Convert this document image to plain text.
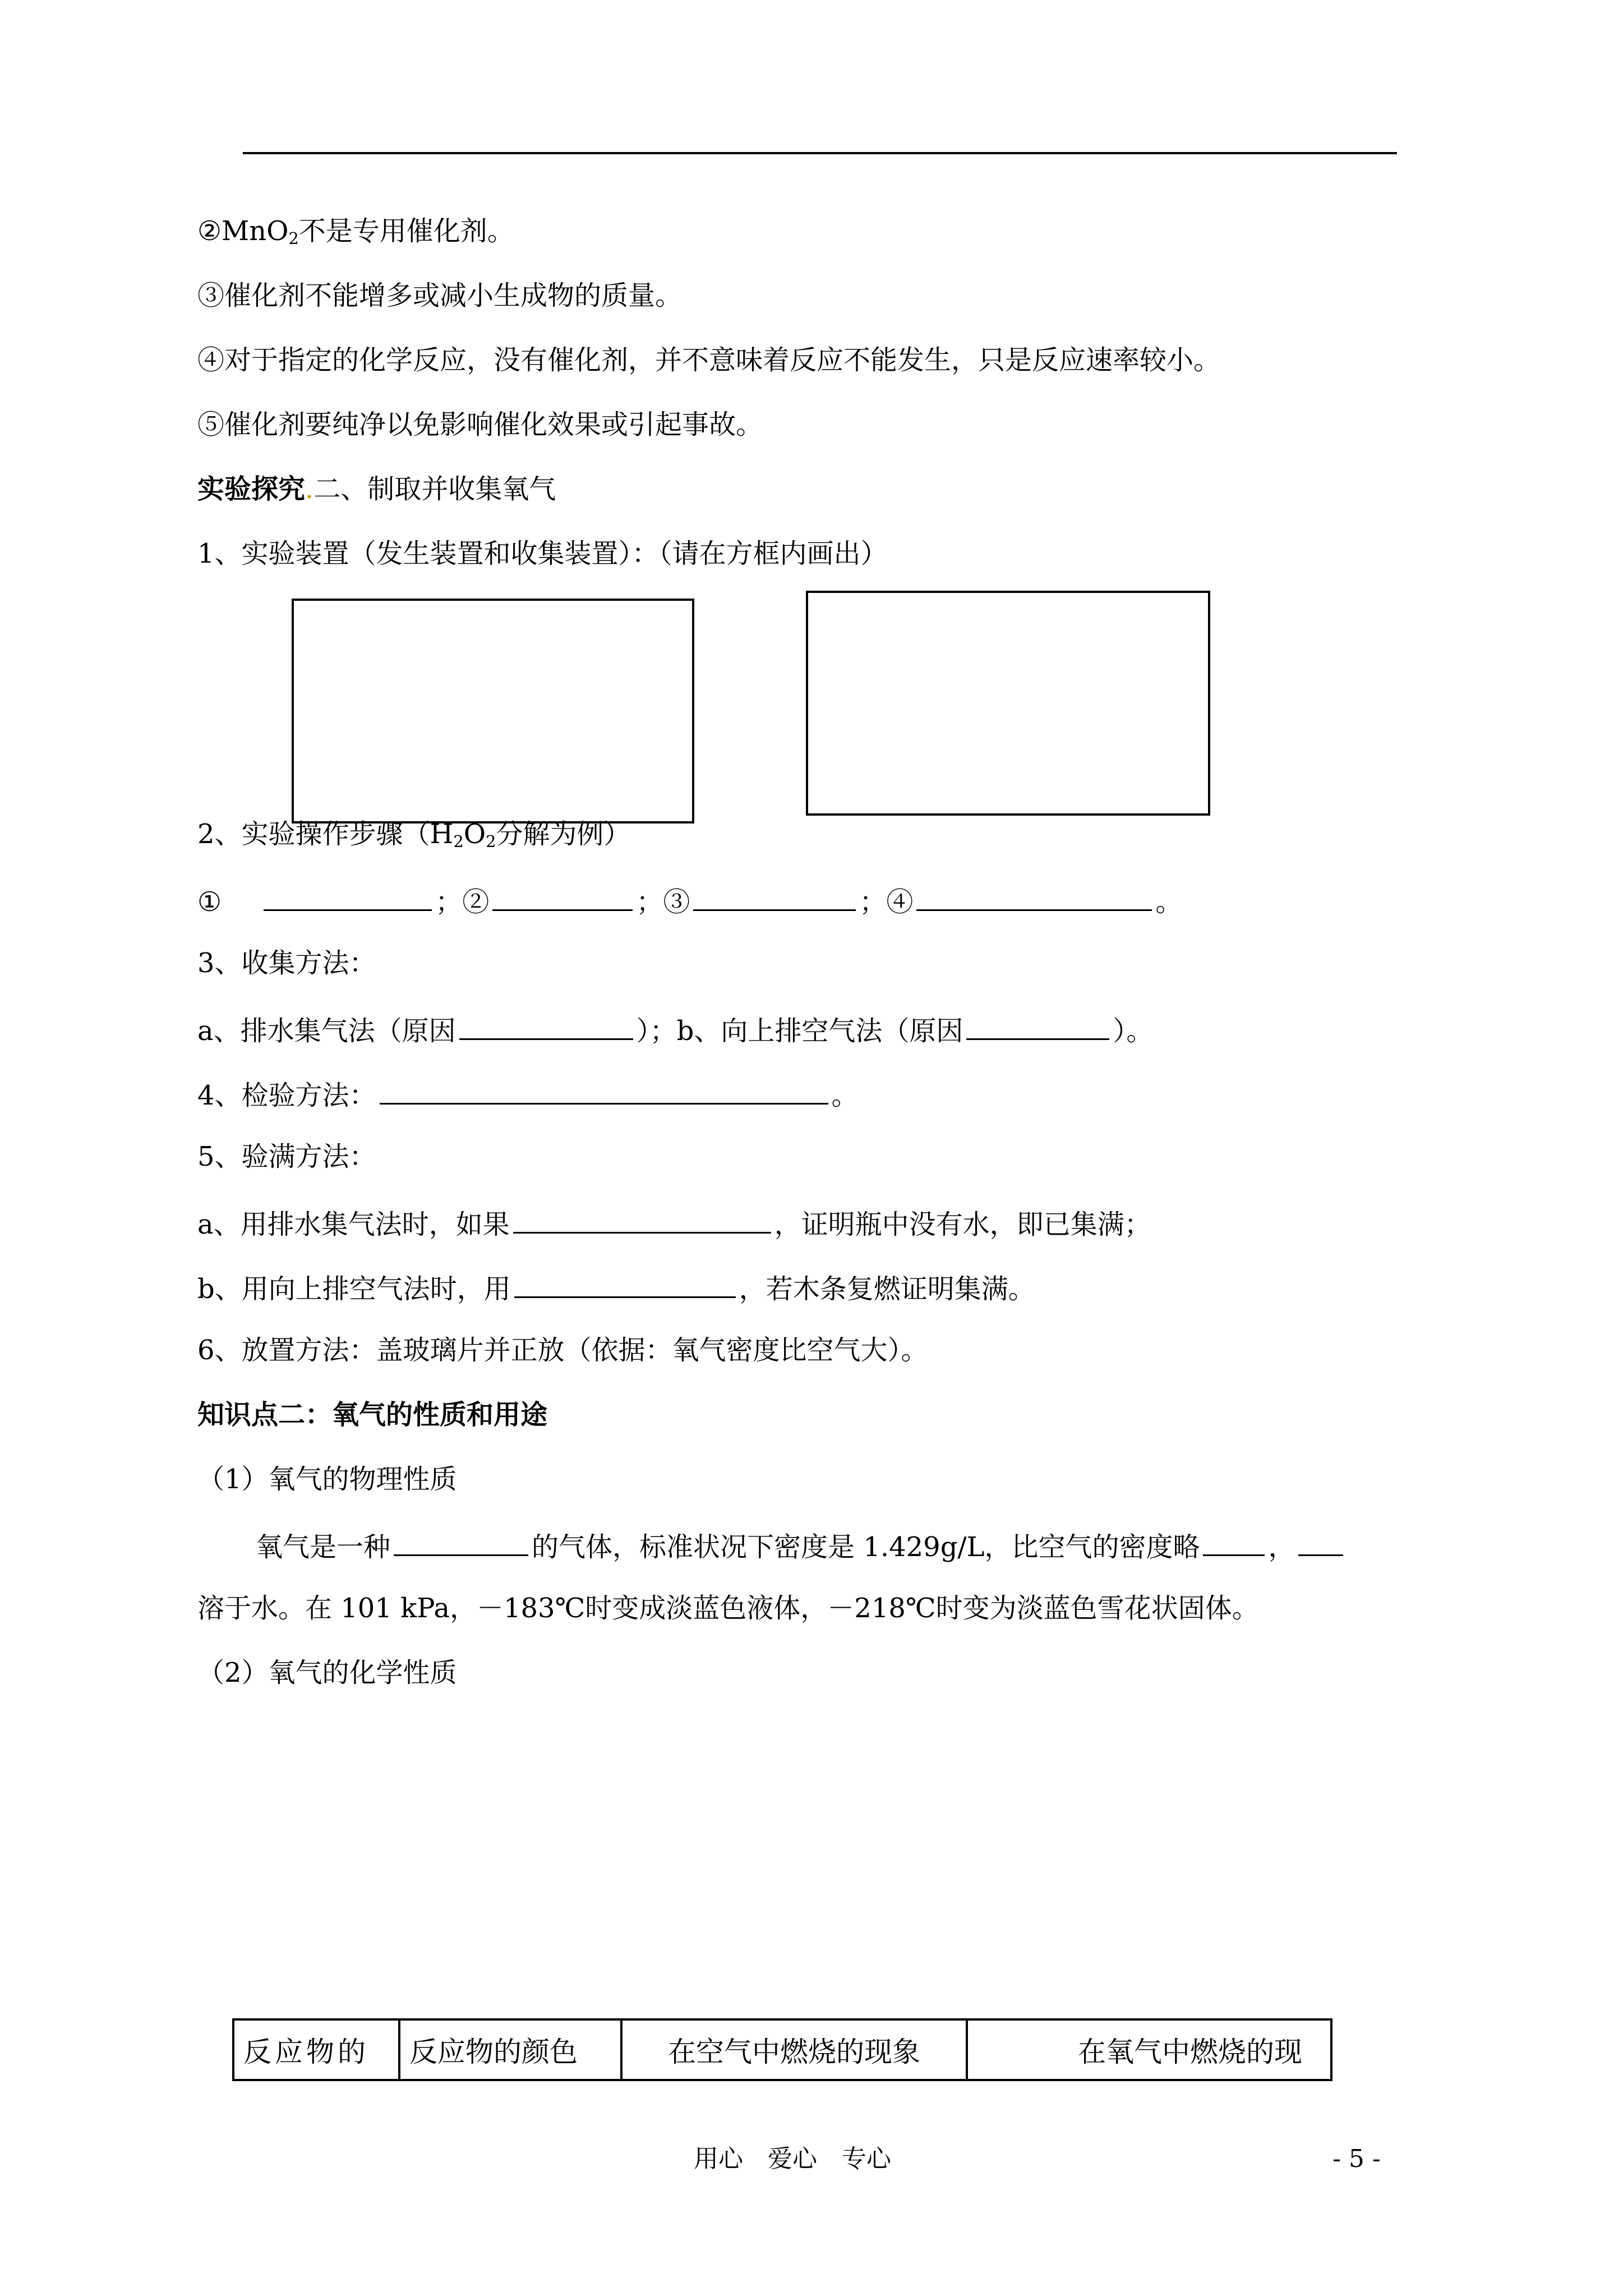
②MnO$_2$不是专用催化剂。
③催化剂不能增多或减小生成物的质量。
④对于指定的化学反应，没有催化剂，并不意味着反应不能发生，只是反应速率较小。
⑤催化剂要纯净以免影响催化效果或引起事故。
实验探究.二、制取并收集氧气
1、实验装置（发生装置和收集装置）：（请在方框内画出）
2、实验操作步骤（$H_2O_2$分解为例）
①	；②	；③	；④	。
3、收集方法：
a、排水集气法（原因	）；b、向上排空气法（原因	）。
4、检验方法：	。
5、验满方法：
a、用排水集气法时，如果	，证明瓶中没有水，即已集满；
b、用向上排空气法时，用	，若木条复燃证明集满。
6、放置方法：盖玻璃片并正放（依据：氧气密度比空气大）。
知识点二：氧气的性质和用途
（1）氧气的物理性质
氧气是一种	的气体，标准状况下密度是 1.429g/L，比空气的密度略	，
溶于水。在 101 kPa，－183℃时变成淡蓝色液体，－218℃时变为淡蓝色雪花状固体。
（2）氧气的化学性质
反应物的	反应物的颜色	在空气中燃烧的现象	在氧气中燃烧的现
用心　爱心　专心	- 5 -
